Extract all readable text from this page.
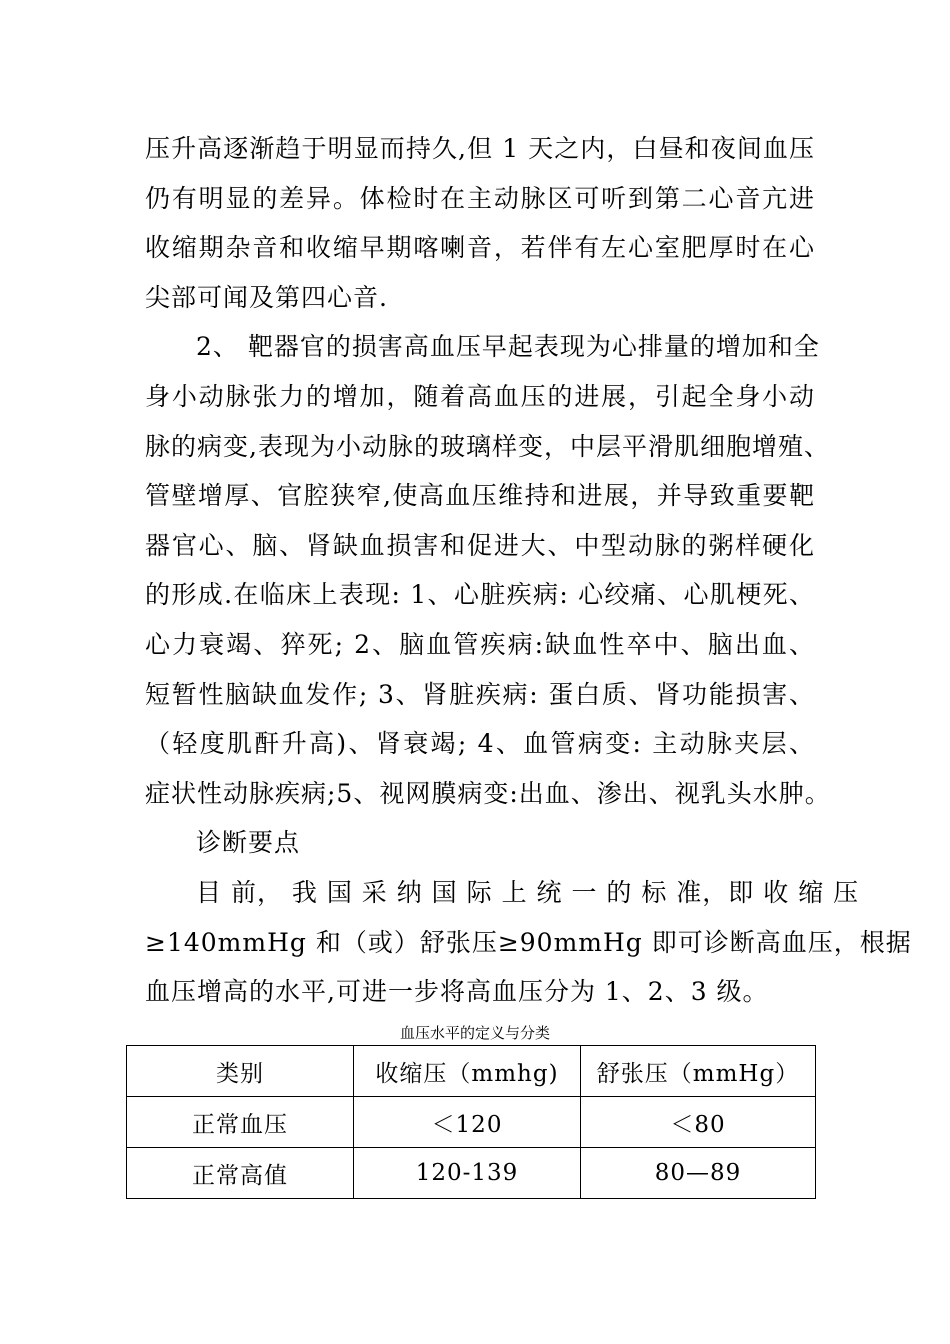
压升高逐渐趋于明显而持久,但 1 天之内，白昼和夜间血压
仍有明显的差异。体检时在主动脉区可听到第二心音亢进
收缩期杂音和收缩早期喀喇音，若伴有左心室肥厚时在心
尖部可闻及第四心音.
2、 靶器官的损害高血压早起表现为心排量的增加和全
身小动脉张力的增加，随着高血压的进展，引起全身小动
脉的病变,表现为小动脉的玻璃样变，中层平滑肌细胞增殖、
管壁增厚、官腔狭窄,使高血压维持和进展，并导致重要靶
器官心、脑、肾缺血损害和促进大、中型动脉的粥样硬化
的形成.在临床上表现: 1、心脏疾病: 心绞痛、心肌梗死、
心力衰竭、猝死; 2、脑血管疾病:缺血性卒中、脑出血、
短暂性脑缺血发作; 3、肾脏疾病: 蛋白质、肾功能损害、
（轻度肌酐升高)、肾衰竭; 4、血管病变: 主动脉夹层、
症状性动脉疾病;5、视网膜病变:出血、渗出、视乳头水肿。
诊断要点
目 前， 我 国 采 纳 国 际 上 统 一 的 标 准，即 收 缩 压
≥140mmHg 和（或）舒张压≥90mmHg 即可诊断高血压，根据
血压增高的水平,可进一步将高血压分为 1、2、3 级。
血压水平的定义与分类
类别	收缩压（mmhg)	舒张压（mmHg）
正常血压	＜120	＜80
正常高值	120-139	80—89
